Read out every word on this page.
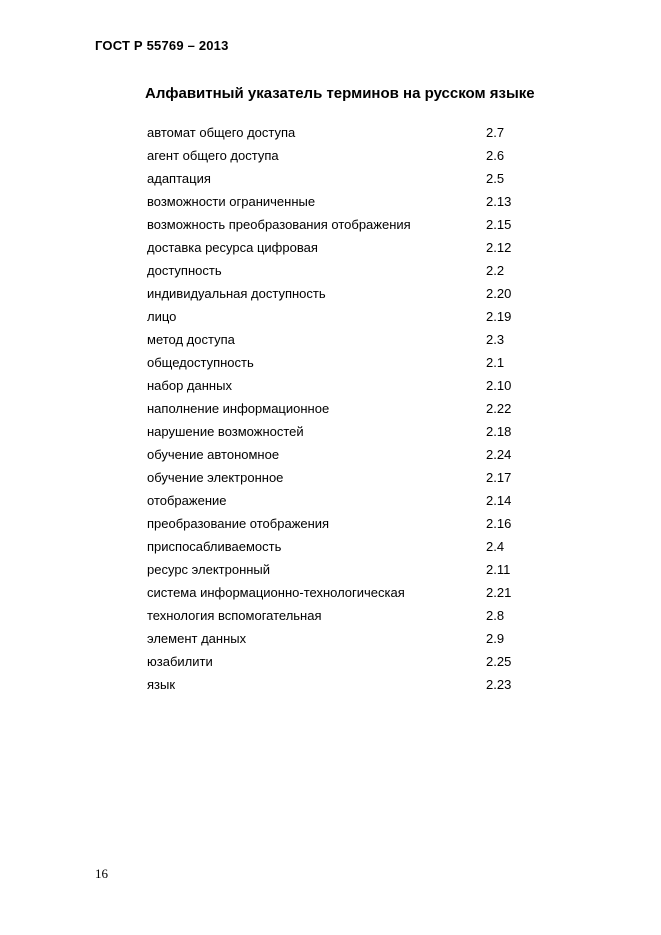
ГОСТ Р 55769 – 2013
Алфавитный указатель терминов на русском языке
автомат общего доступа	2.7
агент общего доступа	2.6
адаптация	2.5
возможности ограниченные	2.13
возможность преобразования отображения	2.15
доставка ресурса цифровая	2.12
доступность	2.2
индивидуальная доступность	2.20
лицо	2.19
метод доступа	2.3
общедоступность	2.1
набор данных	2.10
наполнение информационное	2.22
нарушение возможностей	2.18
обучение автономное	2.24
обучение электронное	2.17
отображение	2.14
преобразование отображения	2.16
приспосабливаемость	2.4
ресурс электронный	2.11
система информационно-технологическая	2.21
технология вспомогательная	2.8
элемент данных	2.9
юзабилити	2.25
язык	2.23
16
